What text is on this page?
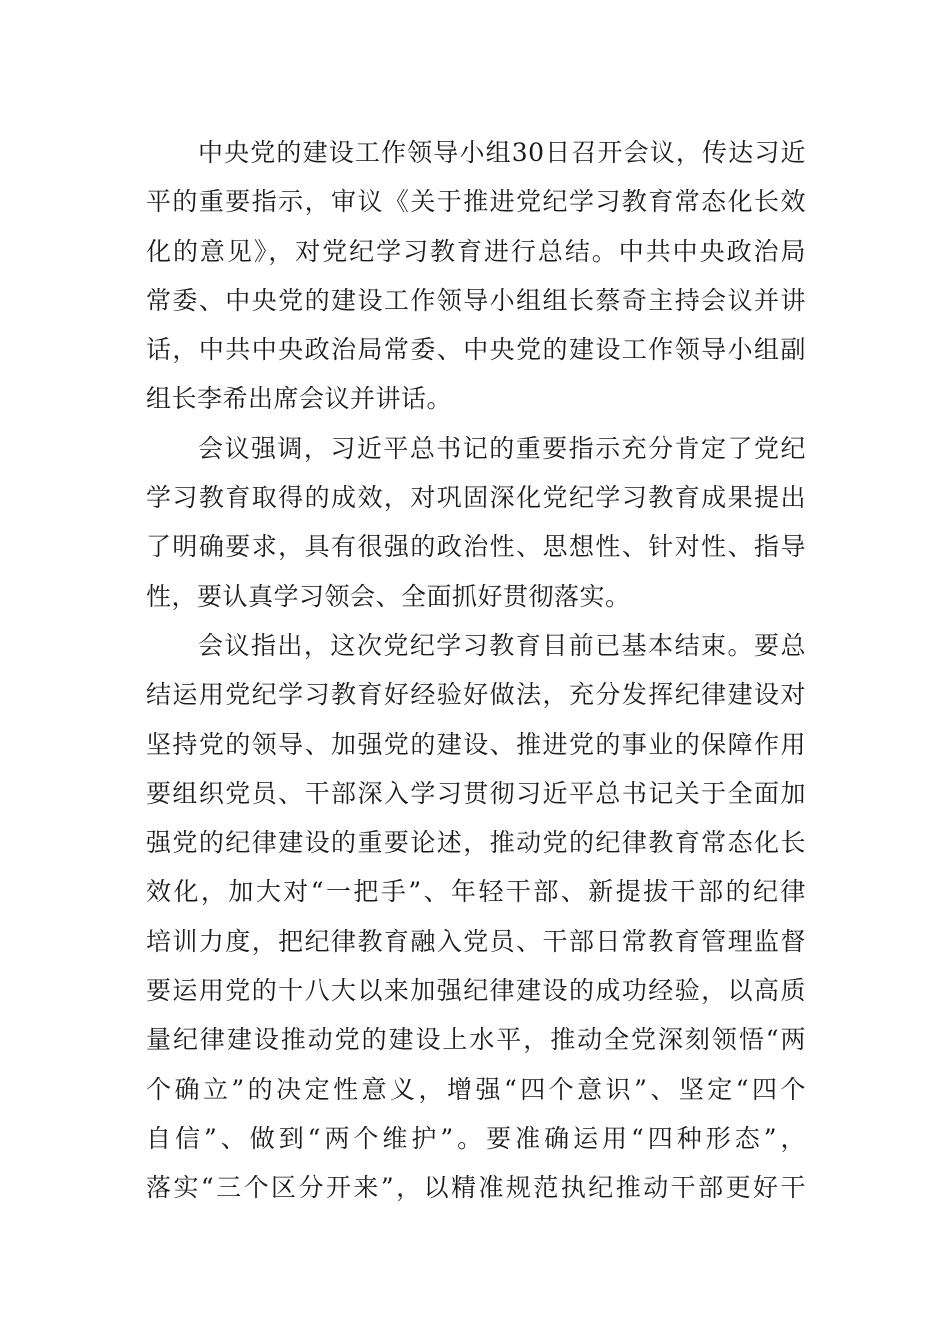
中央党的建设工作领导小组30日召开会议，传达习近
平的重要指示，审议《关于推进党纪学习教育常态化长效
化的意见》，对党纪学习教育进行总结。中共中央政治局
常委、中央党的建设工作领导小组组长蔡奇主持会议并讲
话，中共中央政治局常委、中央党的建设工作领导小组副
组长李希出席会议并讲话。
会议强调，习近平总书记的重要指示充分肯定了党纪
学习教育取得的成效，对巩固深化党纪学习教育成果提出
了明确要求，具有很强的政治性、思想性、针对性、指导
性，要认真学习领会、全面抓好贯彻落实。
会议指出，这次党纪学习教育目前已基本结束。要总
结运用党纪学习教育好经验好做法，充分发挥纪律建设对
坚持党的领导、加强党的建设、推进党的事业的保障作用
要组织党员、干部深入学习贯彻习近平总书记关于全面加
强党的纪律建设的重要论述，推动党的纪律教育常态化长
效化，加大对“一把手”、年轻干部、新提拔干部的纪律
培训力度，把纪律教育融入党员、干部日常教育管理监督
要运用党的十八大以来加强纪律建设的成功经验，以高质
量纪律建设推动党的建设上水平，推动全党深刻领悟“两
个确立”的决定性意义，增强“四个意识”、坚定“四个
自信”、做到“两个维护”。要准确运用“四种形态”，
落实“三个区分开来”，以精准规范执纪推动干部更好干
